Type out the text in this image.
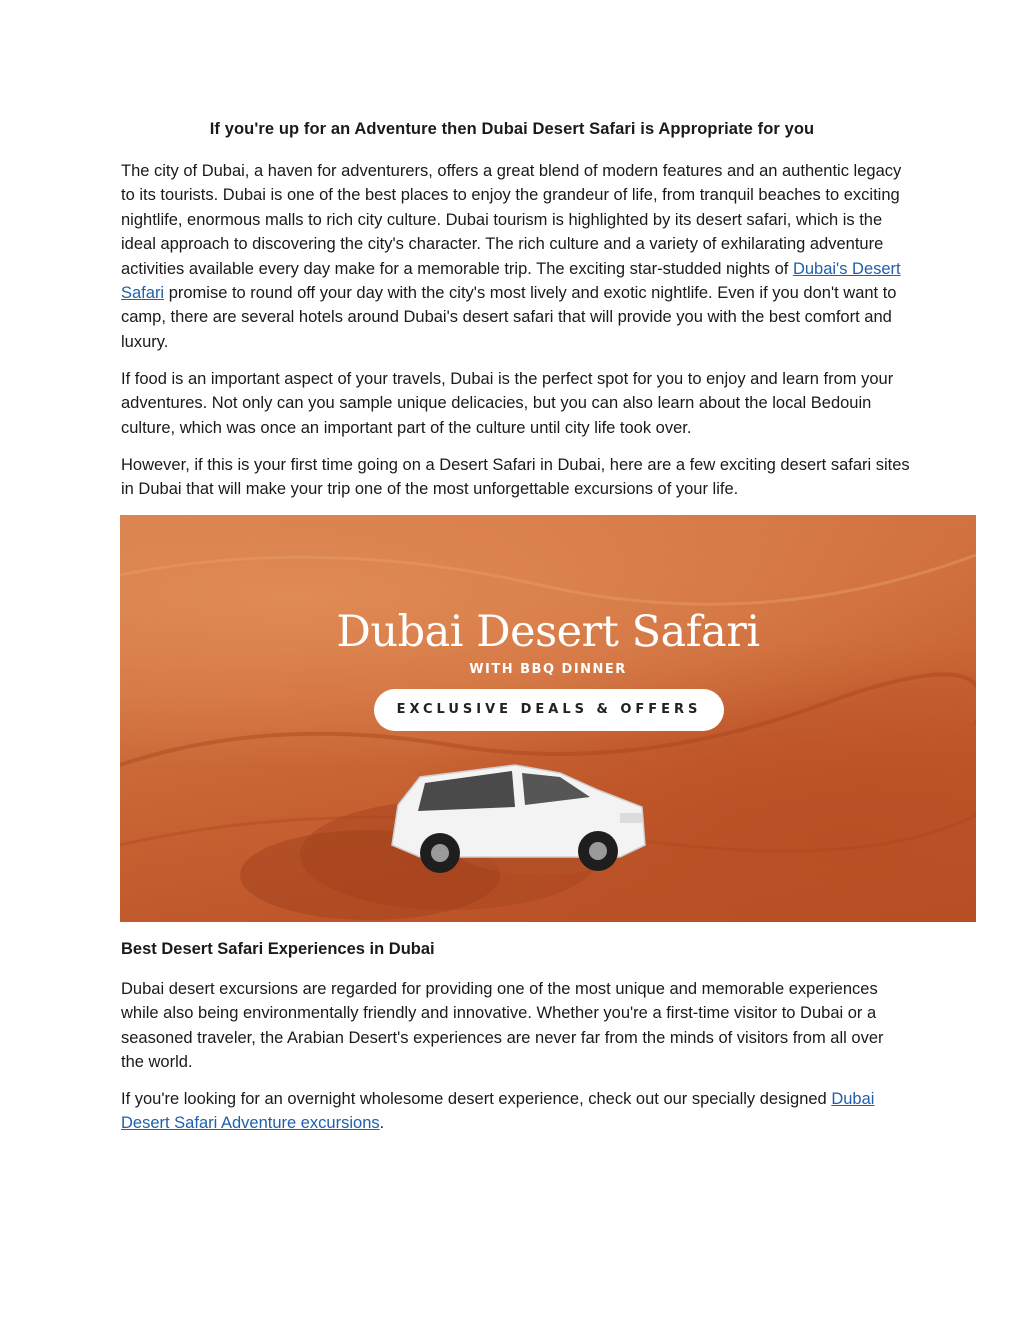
If you're up for an Adventure then Dubai Desert Safari is Appropriate for you

The city of Dubai, a haven for adventurers, offers a great blend of modern features and an authentic legacy to its tourists. Dubai is one of the best places to enjoy the grandeur of life, from tranquil beaches to exciting nightlife, enormous malls to rich city culture. Dubai tourism is highlighted by its desert safari, which is the ideal approach to discovering the city's character. The rich culture and a variety of exhilarating adventure activities available every day make for a memorable trip. The exciting star-studded nights of Dubai's Desert Safari promise to round off your day with the city's most lively and exotic nightlife. Even if you don't want to camp, there are several hotels around Dubai's desert safari that will provide you with the best comfort and luxury.

If food is an important aspect of your travels, Dubai is the perfect spot for you to enjoy and learn from your adventures. Not only can you sample unique delicacies, but you can also learn about the local Bedouin culture, which was once an important part of the culture until city life took over.

However, if this is your first time going on a Desert Safari in Dubai, here are a few exciting desert safari sites in Dubai that will make your trip one of the most unforgettable excursions of your life.

Dubai Desert Safari
WITH BBQ DINNER
EXCLUSIVE DEALS & OFFERS
Best Desert Safari Experiences in Dubai

Dubai desert excursions are regarded for providing one of the most unique and memorable experiences while also being environmentally friendly and innovative. Whether you're a first-time visitor to Dubai or a seasoned traveler, the Arabian Desert's experiences are never far from the minds of visitors from all over the world.

If you're looking for an overnight wholesome desert experience, check out our specially designed Dubai Desert Safari Adventure excursions.
